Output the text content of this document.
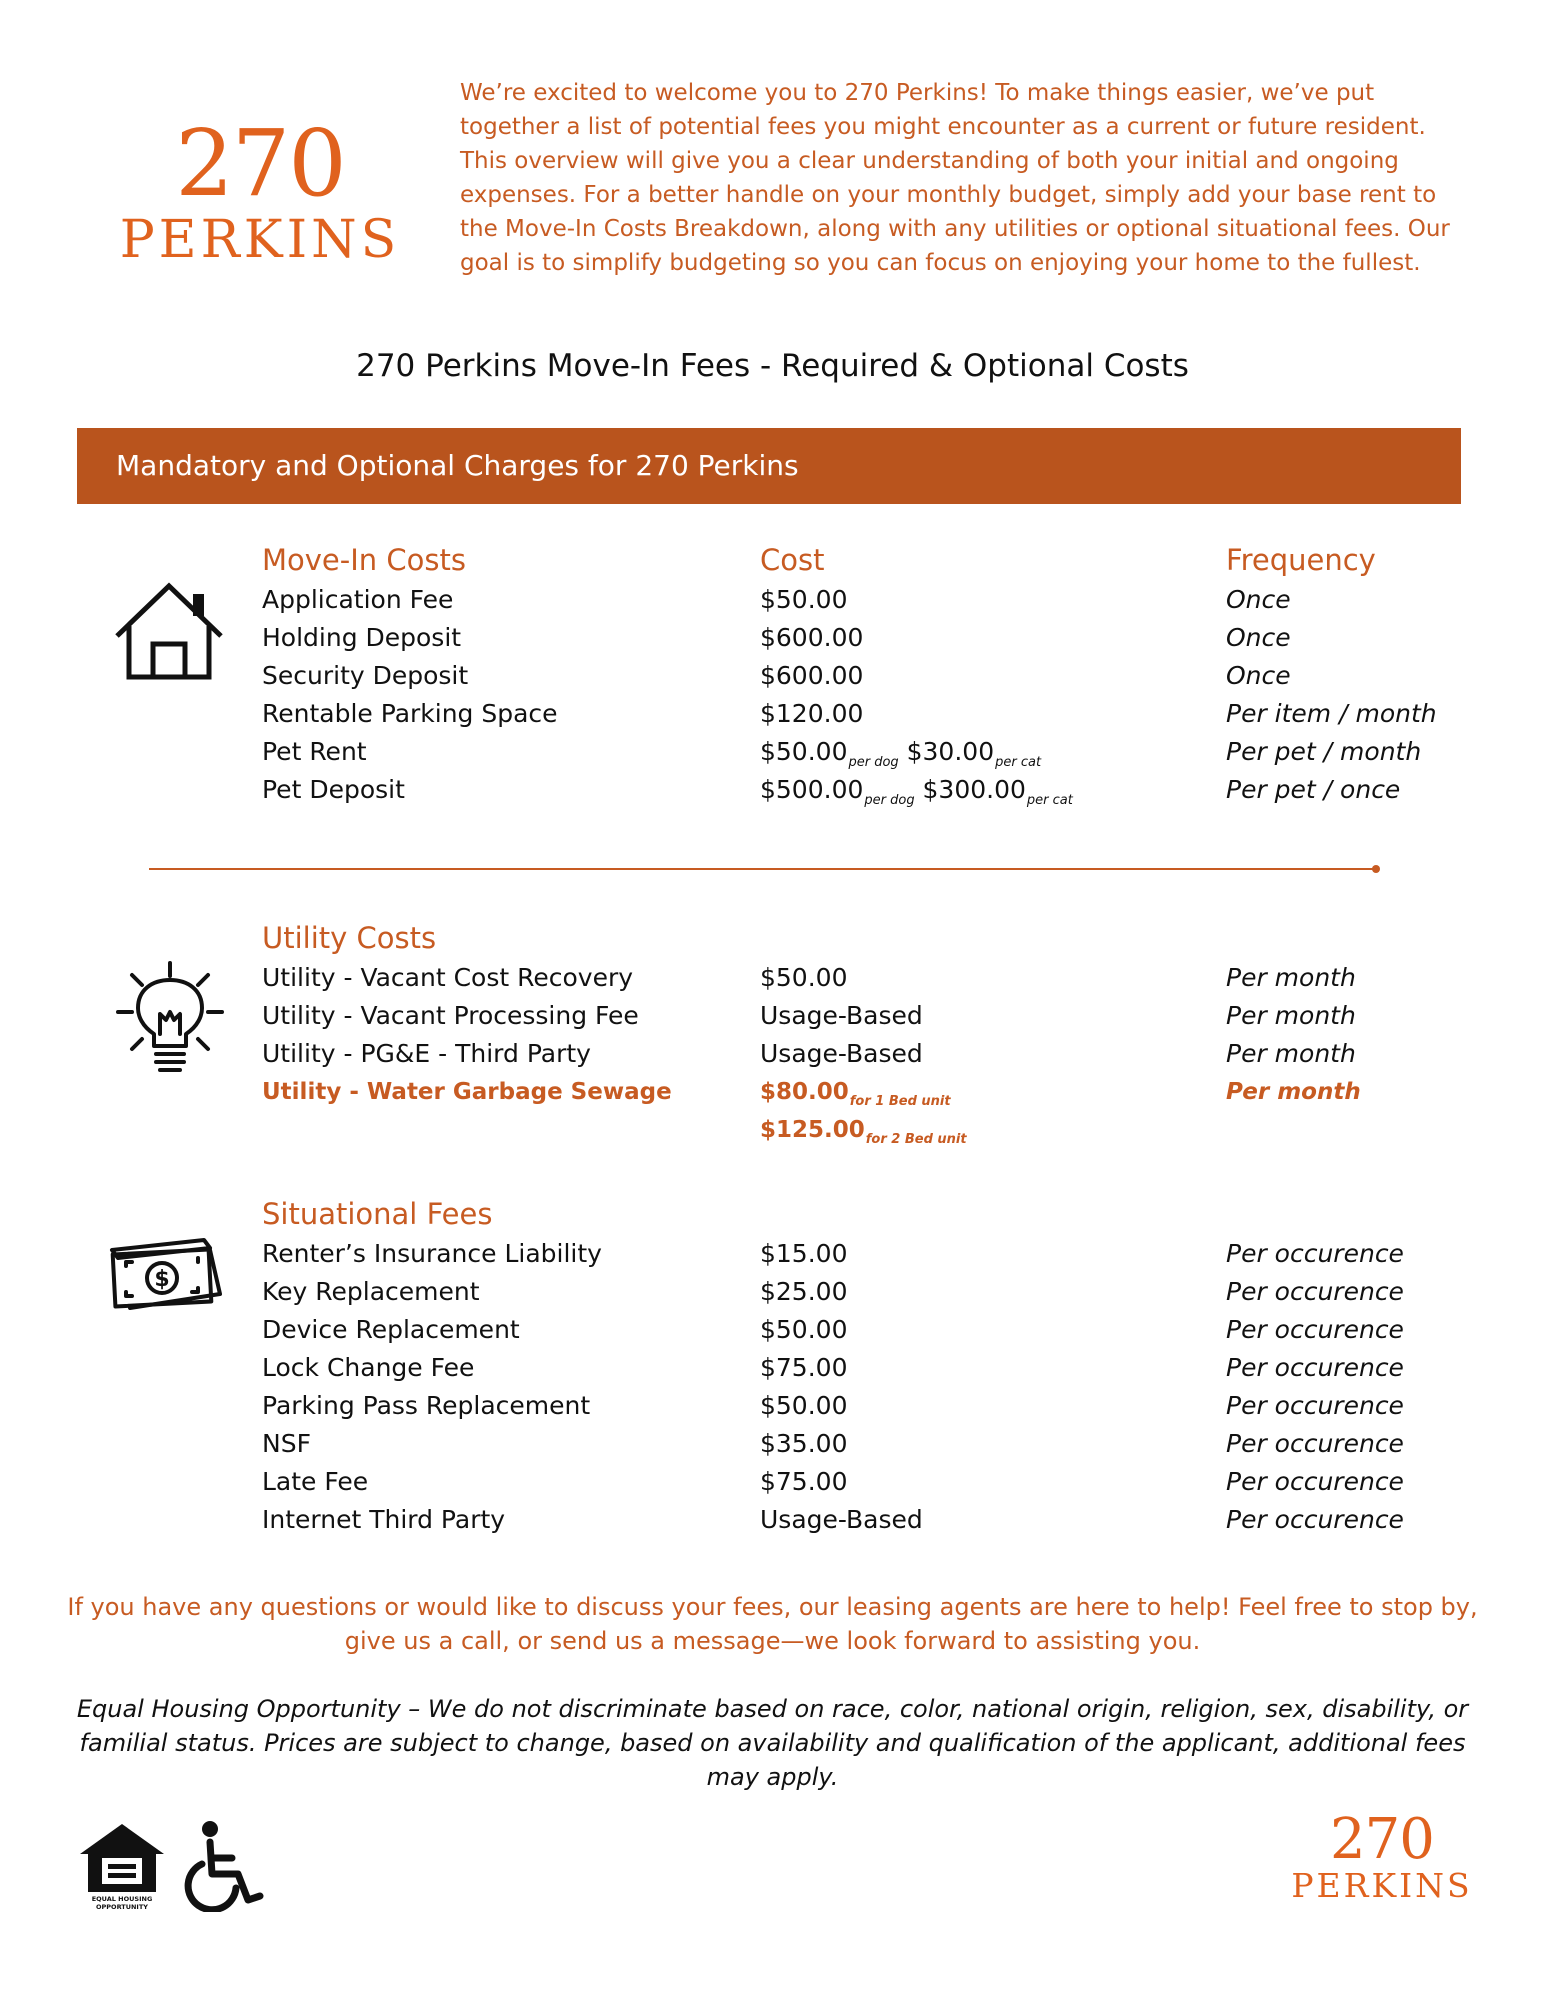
270
PERKINS
We’re excited to welcome you to 270 Perkins! To make things easier, we’ve put together a list of potential fees you might encounter as a current or future resident. This overview will give you a clear understanding of both your initial and ongoing expenses. For a better handle on your monthly budget, simply add your base rent to the Move-In Costs Breakdown, along with any utilities or optional situational fees. Our goal is to simplify budgeting so you can focus on enjoying your home to the fullest.
270 Perkins Move-In Fees - Required & Optional Costs
Mandatory and Optional Charges for 270 Perkins
Move-In Costs	Cost	Frequency
Application Fee	$50.00	Once
Holding Deposit	$600.00	Once
Security Deposit	$600.00	Once
Rentable Parking Space	$120.00	Per item / month
Pet Rent	$\$50.00_{per dog}$ $\$30.00_{per cat}$	Per pet / month
Pet Deposit	$\$500.00_{per dog}$ $\$300.00_{per cat}$	Per pet / once
Utility Costs
Utility - Vacant Cost Recovery	$50.00	Per month
Utility - Vacant Processing Fee	Usage-Based	Per month
Utility - PG&E - Third Party	Usage-Based	Per month
Utility - Water Garbage Sewage	$\$80.00_{for 1 Bed unit}$	Per month
$\$125.00_{for 2 Bed unit}$
$
Situational Fees
Renter’s Insurance Liability	$15.00	Per occurence
Key Replacement	$25.00	Per occurence
Device Replacement	$50.00	Per occurence
Lock Change Fee	$75.00	Per occurence
Parking Pass Replacement	$50.00	Per occurence
NSF	$35.00	Per occurence
Late Fee	$75.00	Per occurence
Internet Third Party	Usage-Based	Per occurence
If you have any questions or would like to discuss your fees, our leasing agents are here to help! Feel free to stop by, give us a call, or send us a message—we look forward to assisting you.
Equal Housing Opportunity – We do not discriminate based on race, color, national origin, religion, sex, disability, or familial status. Prices are subject to change, based on availability and qualification of the applicant, additional fees may apply.
EQUAL HOUSING
OPPORTUNITY
270
PERKINS
